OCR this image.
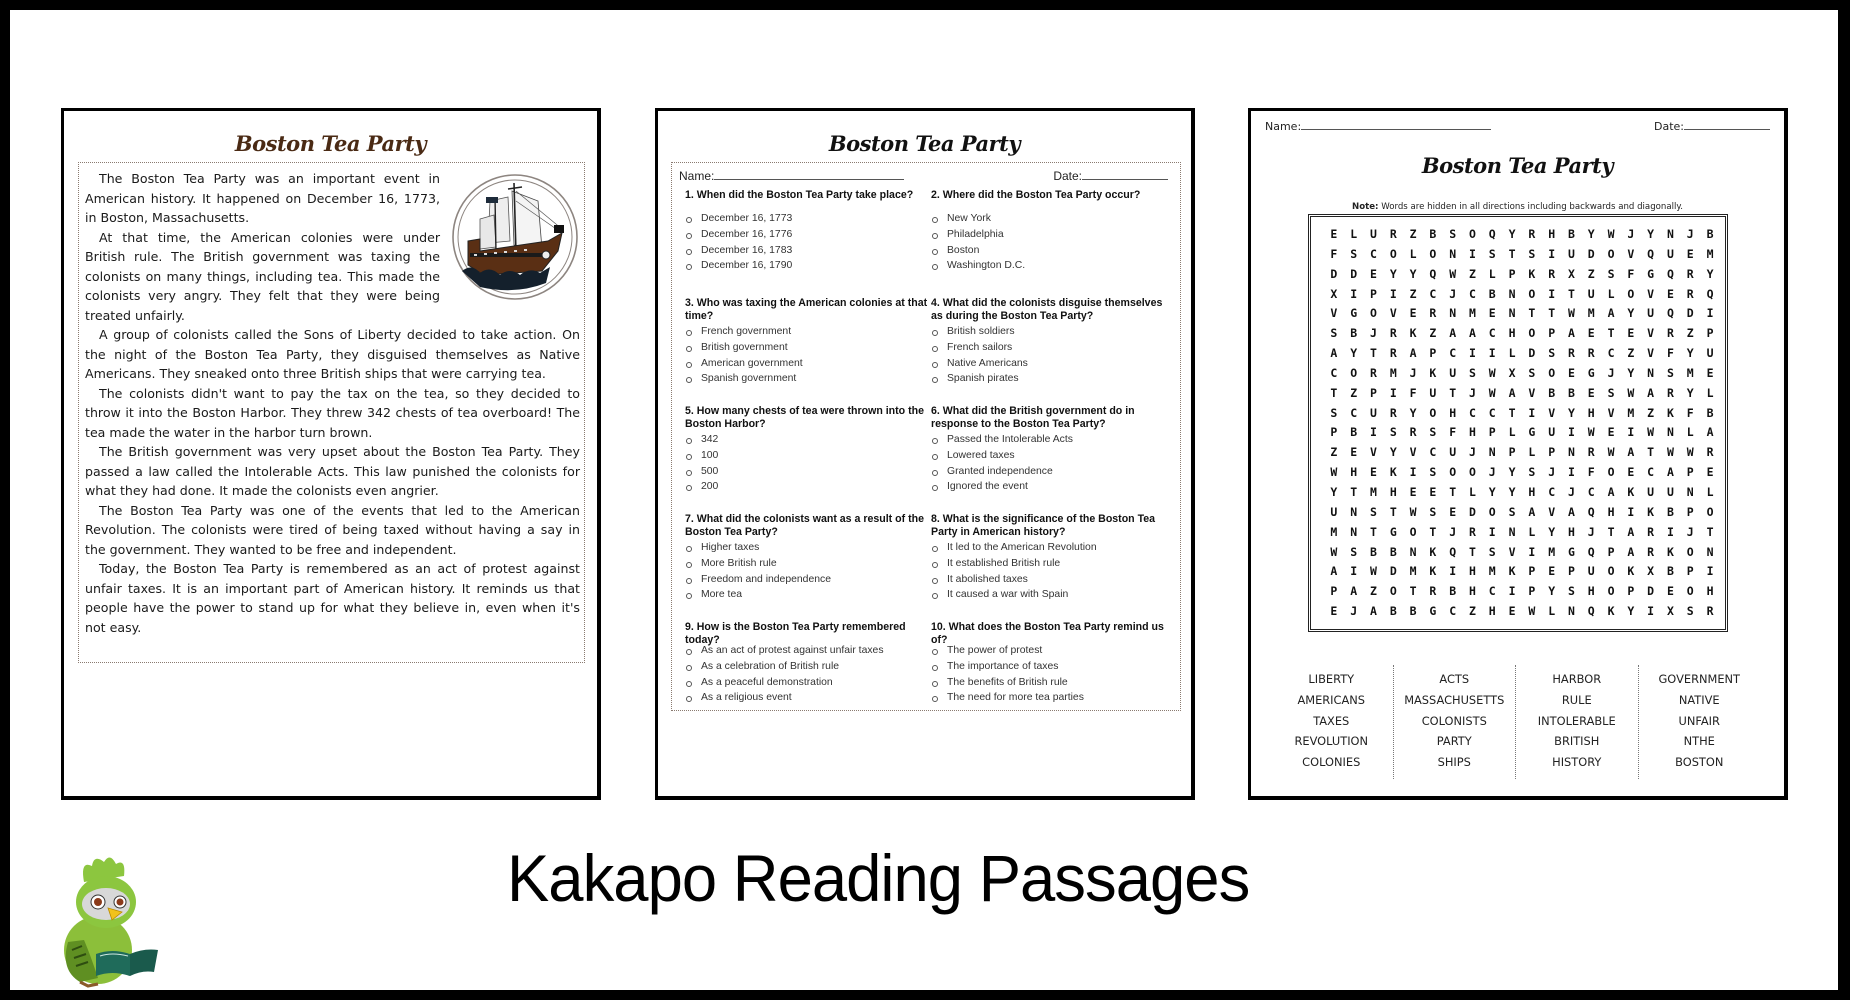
Boston Tea Party

The Boston Tea Party was an important event in American history. It happened on December 16, 1773, in Boston, Massachusetts.

At that time, the American colonies were under British rule. The British government was taxing the colonists on many things, including tea. This made the colonists very angry. They felt that they were being treated unfairly.

A group of colonists called the Sons of Liberty decided to take action. On the night of the Boston Tea Party, they disguised themselves as Native Americans. They sneaked onto three British ships that were carrying tea.

The colonists didn't want to pay the tax on the tea, so they decided to throw it into the Boston Harbor. They threw 342 chests of tea overboard! The tea made the water in the harbor turn brown.

The British government was very upset about the Boston Tea Party. They passed a law called the Intolerable Acts. This law punished the colonists for what they had done. It made the colonists even angrier.

The Boston Tea Party was one of the events that led to the American Revolution. The colonists were tired of being taxed without having a say in the government. They wanted to be free and independent.

Today, the Boston Tea Party is remembered as an act of protest against unfair taxes. It is an important part of American history. It reminds us that people have the power to stand up for what they believe in, even when it's not easy.

Boston Tea Party
Name:	Date:
1. When did the Boston Tea Party take place?
December 16, 1773
December 16, 1776
December 16, 1783
December 16, 1790
2. Where did the Boston Tea Party occur?
New York
Philadelphia
Boston
Washington D.C.
3. Who was taxing the American colonies at that time?
French government
British government
American government
Spanish government
4. What did the colonists disguise themselves as during the Boston Tea Party?
British soldiers
French sailors
Native Americans
Spanish pirates
5. How many chests of tea were thrown into the Boston Harbor?
342
100
500
200
6. What did the British government do in response to the Boston Tea Party?
Passed the Intolerable Acts
Lowered taxes
Granted independence
Ignored the event
7. What did the colonists want as a result of the Boston Tea Party?
Higher taxes
More British rule
Freedom and independence
More tea
8. What is the significance of the Boston Tea Party in American history?
It led to the American Revolution
It established British rule
It abolished taxes
It caused a war with Spain
9. How is the Boston Tea Party remembered today?
As an act of protest against unfair taxes
As a celebration of British rule
As a peaceful demonstration
As a religious event
10. What does the Boston Tea Party remind us of?
The power of protest
The importance of taxes
The benefits of British rule
The need for more tea parties
Name:	Date:
Boston Tea Party
Note: Words are hidden in all directions including backwards and diagonally.
E	L	U	R	Z	B	S	O	Q	Y	R	H	B	Y	W	J	Y	N	J	B
F	S	C	O	L	O	N	I	S	T	S	I	U	D	O	V	Q	U	E	M
D	D	E	Y	Y	Q	W	Z	L	P	K	R	X	Z	S	F	G	Q	R	Y
X	I	P	I	Z	C	J	C	B	N	O	I	T	U	L	O	V	E	R	Q
V	G	O	V	E	R	N	M	E	N	T	T	W	M	A	Y	U	Q	D	I
S	B	J	R	K	Z	A	A	C	H	O	P	A	E	T	E	V	R	Z	P
A	Y	T	R	A	P	C	I	I	L	D	S	R	R	C	Z	V	F	Y	U
C	O	R	M	J	K	U	S	W	X	S	O	E	G	J	Y	N	S	M	E
T	Z	P	I	F	U	T	J	W	A	V	B	B	E	S	W	A	R	Y	L
S	C	U	R	Y	O	H	C	C	T	I	V	Y	H	V	M	Z	K	F	B
P	B	I	S	R	S	F	H	P	L	G	U	I	W	E	I	W	N	L	A
Z	E	V	Y	V	C	U	J	N	P	L	P	N	R	W	A	T	W	W	R
W	H	E	K	I	S	O	O	J	Y	S	J	I	F	O	E	C	A	P	E
Y	T	M	H	E	E	T	L	Y	Y	H	C	J	C	A	K	U	U	N	L
U	N	S	T	W	S	E	D	O	S	A	V	A	Q	H	I	K	B	P	O
M	N	T	G	O	T	J	R	I	N	L	Y	H	J	T	A	R	I	J	T
W	S	B	B	N	K	Q	T	S	V	I	M	G	Q	P	A	R	K	O	N
A	I	W	D	M	K	I	H	M	K	P	E	P	U	O	K	X	B	P	I
P	A	Z	O	T	R	B	H	C	I	P	Y	S	H	O	P	D	E	O	H
E	J	A	B	B	G	C	Z	H	E	W	L	N	Q	K	Y	I	X	S	R
LIBERTY
AMERICANS
TAXES
REVOLUTION
COLONIES
ACTS
MASSACHUSETTS
COLONISTS
PARTY
SHIPS
HARBOR
RULE
INTOLERABLE
BRITISH
HISTORY
GOVERNMENT
NATIVE
UNFAIR
NTHE
BOSTON
Kakapo Reading Passages
